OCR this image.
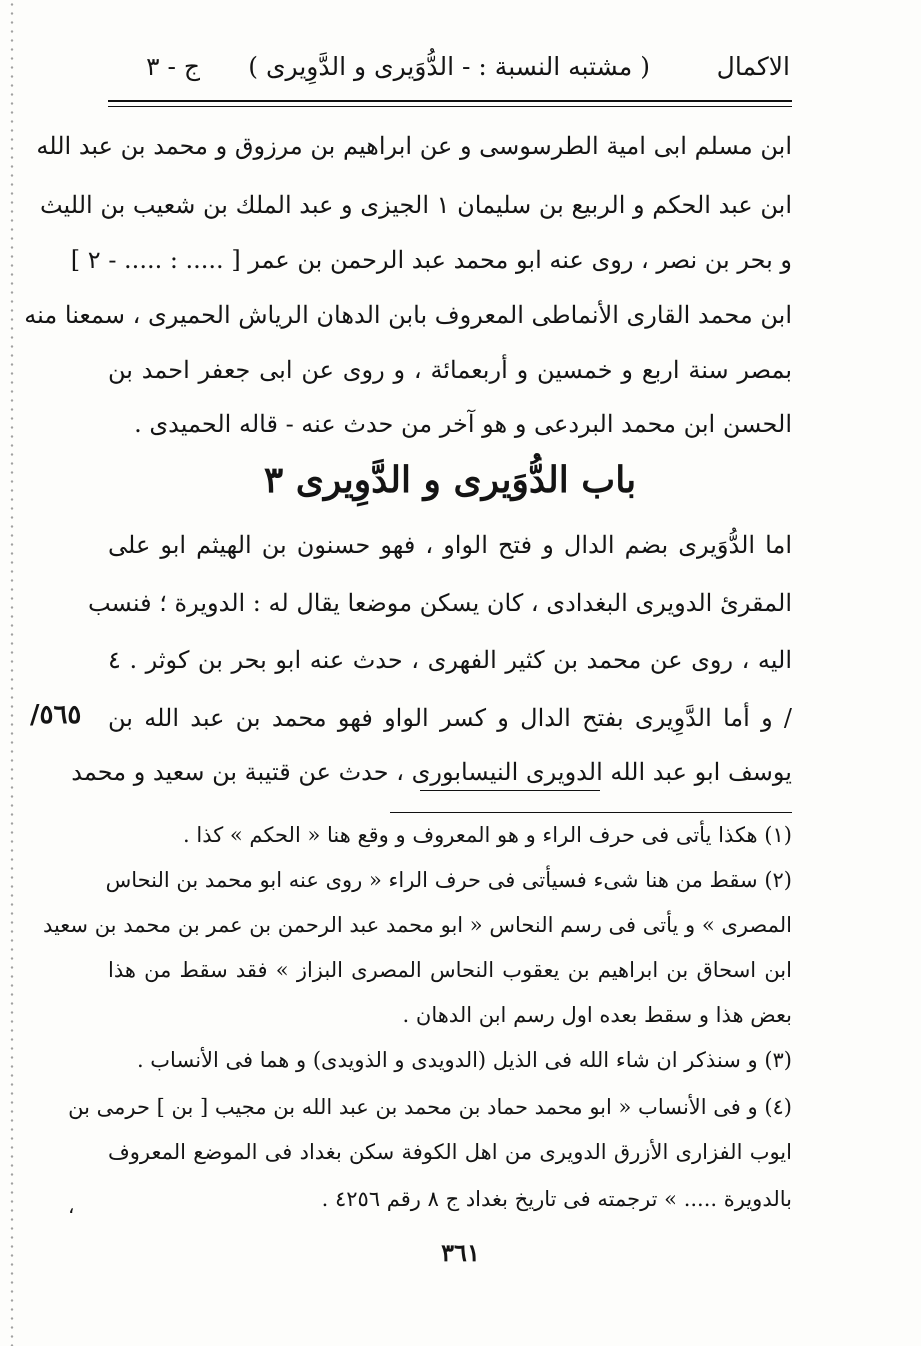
الاكمال
( مشتبه النسبة : - الدُّوَيرى و الدَّوِيرى )
ج - ٣
ابن مسلم ابى امية الطرسوسى و عن ابراهيم بن مرزوق و محمد بن عبد الله
ابن عبد الحكم و الربيع بن سليمان ١ الجيزى و عبد الملك بن شعيب بن الليث
و بحر بن نصر ، روى عنه ابو محمد عبد الرحمن بن عمر [ ..... : ..... - ٢ ]
ابن محمد القارى الأنماطى المعروف بابن الدهان الرياش الحميرى ، سمعنا منه
بمصر سنة اربع و خمسين و أربعمائة ، و روى عن ابى جعفر احمد بن
الحسن ابن محمد البردعى و هو آخر من حدث عنه - قاله الحميدى .
باب الدُّوَيرى و الدَّوِيرى ٣
اما الدُّوَيرى بضم الدال و فتح الواو ، فهو حسنون بن الهيثم ابو على
المقرئ الدويرى البغدادى ، كان يسكن موضعا يقال له : الدويرة ؛ فنسب
اليه ، روى عن محمد بن كثير الفهرى ، حدث عنه ابو بحر بن كوثر . ٤
/ و أما الدَّوِيرى بفتح الدال و كسر الواو فهو محمد بن عبد الله بن
يوسف ابو عبد الله الدويرى النيسابورى ، حدث عن قتيبة بن سعيد و محمد
٥٦٥/
(١) هكذا يأتى فى حرف الراء و هو المعروف و وقع هنا « الحكم » كذا .
(٢) سقط من هنا شىء فسيأتى فى حرف الراء « روى عنه ابو محمد بن النحاس
المصرى » و يأتى فى رسم النحاس « ابو محمد عبد الرحمن بن عمر بن محمد بن سعيد
ابن اسحاق بن ابراهيم بن يعقوب النحاس المصرى البزاز » فقد سقط من هذا
بعض هذا و سقط بعده اول رسم ابن الدهان .
(٣) و سنذكر ان شاء الله فى الذيل (الدويدى و الذويدى) و هما فى الأنساب .
(٤) و فى الأنساب « ابو محمد حماد بن محمد بن عبد الله بن مجيب [ بن ] حرمى بن
ايوب الفزارى الأزرق الدويرى من اهل الكوفة سكن بغداد فى الموضع المعروف
بالدويرة ..... » ترجمته فى تاريخ بغداد ج ٨ رقم ٤٢٥٦ .
،
٣٦١
